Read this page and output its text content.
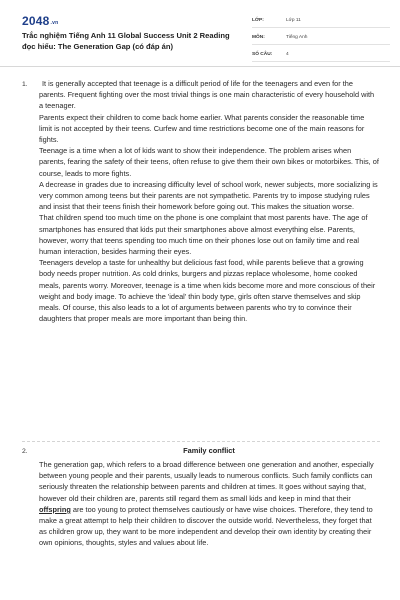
2048.vn
Trắc nghiệm Tiếng Anh 11 Global Success Unit 2 Reading đọc hiểu: The Generation Gap (có đáp án)
LỚP:	Lớp 11
MÔN:	Tiếng Anh
SỐ CÂU:	4
1.	It is generally accepted that teenage is a difficult period of life for the teenagers and even for the parents. Frequent fighting over the most trivial things is one main characteristic of every household with a teenager.

Parents expect their children to come back home earlier. What parents consider the reasonable time limit is not accepted by their teens. Curfew and time restrictions become one of the main reasons for fights.

Teenage is a time when a lot of kids want to show their independence. The problem arises when parents, fearing the safety of their teens, often refuse to give them their own bikes or motorbikes. This, of course, leads to more fights.

A decrease in grades due to increasing difficulty level of school work, newer subjects, more socializing is very common among teens but their parents are not sympathetic. Parents try to impose studying rules and insist that their teens finish their homework before going out. This makes the situation worse.

That children spend too much time on the phone is one complaint that most parents have. The age of smartphones has ensured that kids put their smartphones above almost everything else. Parents, however, worry that teens spending too much time on their phones lose out on family time and real human interaction, besides harming their eyes.

Teenagers develop a taste for unhealthy but delicious fast food, while parents believe that a growing body needs proper nutrition. As cold drinks, burgers and pizzas replace wholesome, home cooked meals, parents worry. Moreover, teenage is a time when kids become more and more conscious of their weight and body image. To achieve the 'ideal' thin body type, girls often starve themselves and skip meals. Of course, this also leads to a lot of arguments between parents who try to convince their daughters that proper meals are more important than being thin.

2.	Family conflict

The generation gap, which refers to a broad difference between one generation and another, especially between young people and their parents, usually leads to numerous conflicts. Such family conflicts can seriously threaten the relationship between parents and children at times. It goes without saying that, however old their children are, parents still regard them as small kids and keep in mind that their offspring are too young to protect themselves cautiously or have wise choices. Therefore, they tend to make a great attempt to help their children to discover the outside world. Nevertheless, they forget that as children grow up, they want to be more independent and develop their own identity by creating their own opinions, thoughts, styles and values about life.
